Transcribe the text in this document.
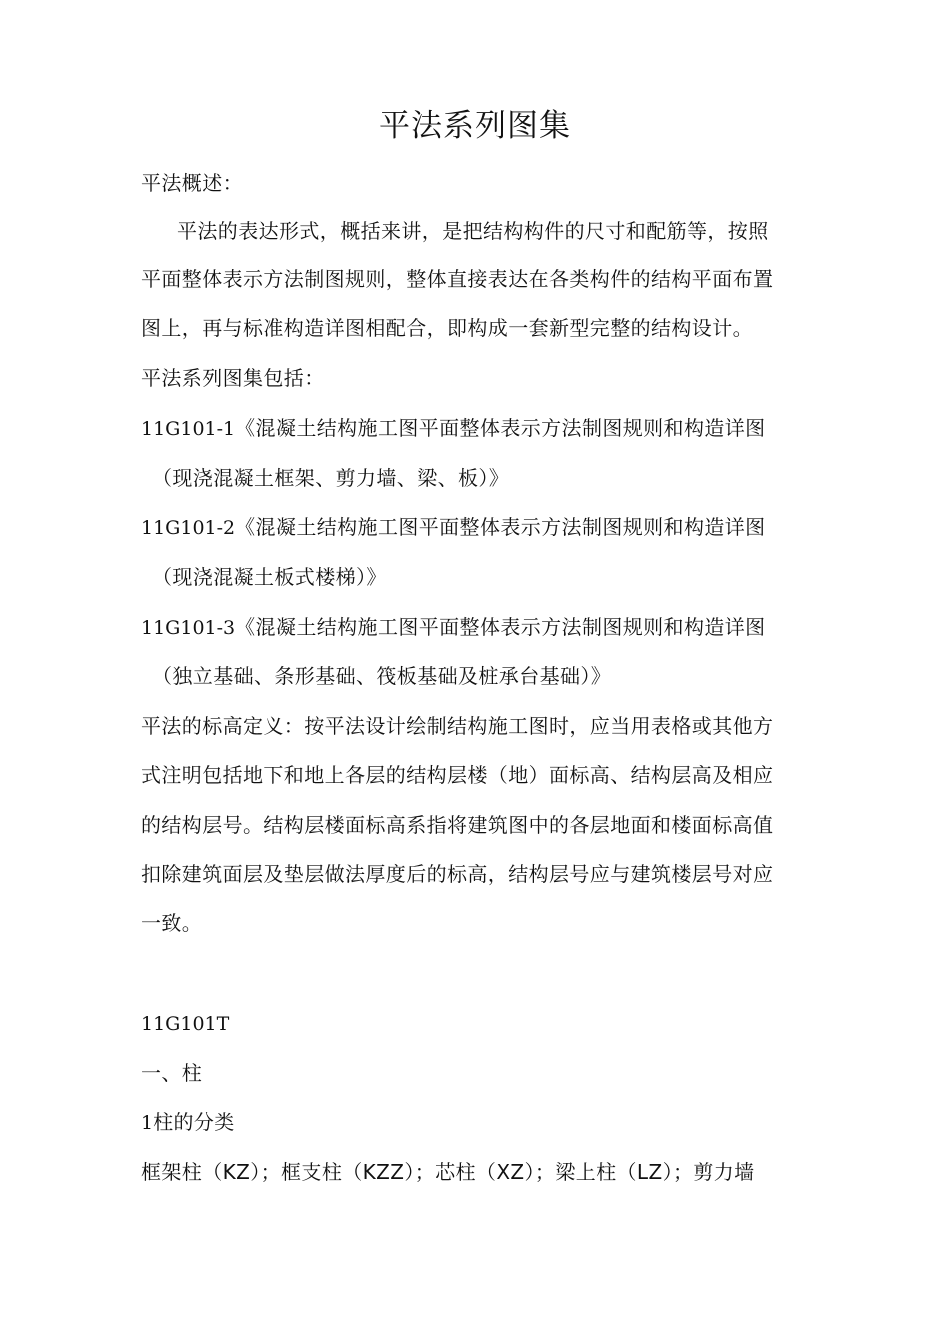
平法系列图集

平法概述：

平法的表达形式，概括来讲，是把结构构件的尺寸和配筋等，按照

平面整体表示方法制图规则，整体直接表达在各类构件的结构平面布置

图上，再与标准构造详图相配合，即构成一套新型完整的结构设计。

平法系列图集包括：

11G101-1《混凝土结构施工图平面整体表示方法制图规则和构造详图

（现浇混凝土框架、剪力墙、梁、板）》

11G101-2《混凝土结构施工图平面整体表示方法制图规则和构造详图

（现浇混凝土板式楼梯）》

11G101-3《混凝土结构施工图平面整体表示方法制图规则和构造详图

（独立基础、条形基础、筏板基础及桩承台基础）》

平法的标高定义：按平法设计绘制结构施工图时，应当用表格或其他方

式注明包括地下和地上各层的结构层楼（地）面标高、结构层高及相应

的结构层号。结构层楼面标高系指将建筑图中的各层地面和楼面标高值

扣除建筑面层及垫层做法厚度后的标高，结构层号应与建筑楼层号对应

一致。

11G101T

一、柱

1柱的分类

框架柱（KZ）；框支柱（KZZ）；芯柱（XZ）；梁上柱（LZ）；剪力墙
